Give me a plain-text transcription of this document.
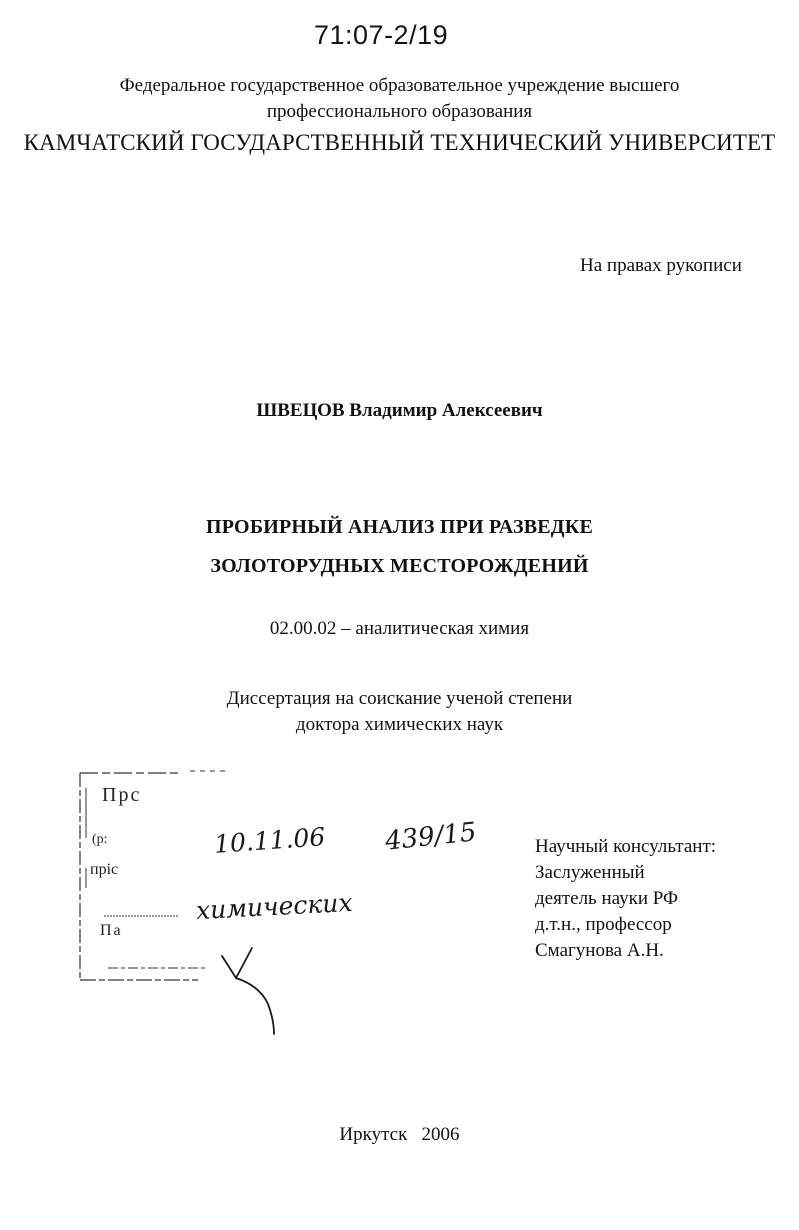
71:07-2/19
Федеральное государственное образовательное учреждение высшего
профессионального образования
КАМЧАТСКИЙ ГОСУДАРСТВЕННЫЙ ТЕХНИЧЕСКИЙ УНИВЕРСИТЕТ
На правах рукописи
ШВЕЦОВ Владимир Алексеевич
ПРОБИРНЫЙ АНАЛИЗ ПРИ РАЗВЕДКЕ
ЗОЛОТОРУДНЫХ МЕСТОРОЖДЕНИЙ
02.00.02 – аналитическая химия
Диссертация на соискание ученой степени
доктора химических наук
Прс
(р:
пріс
Па
10.11.06
химических
439/15	Научный консультант:
Заслуженный
деятель науки РФ
д.т.н., профессор
Смагунова А.Н.
Иркутск   2006
